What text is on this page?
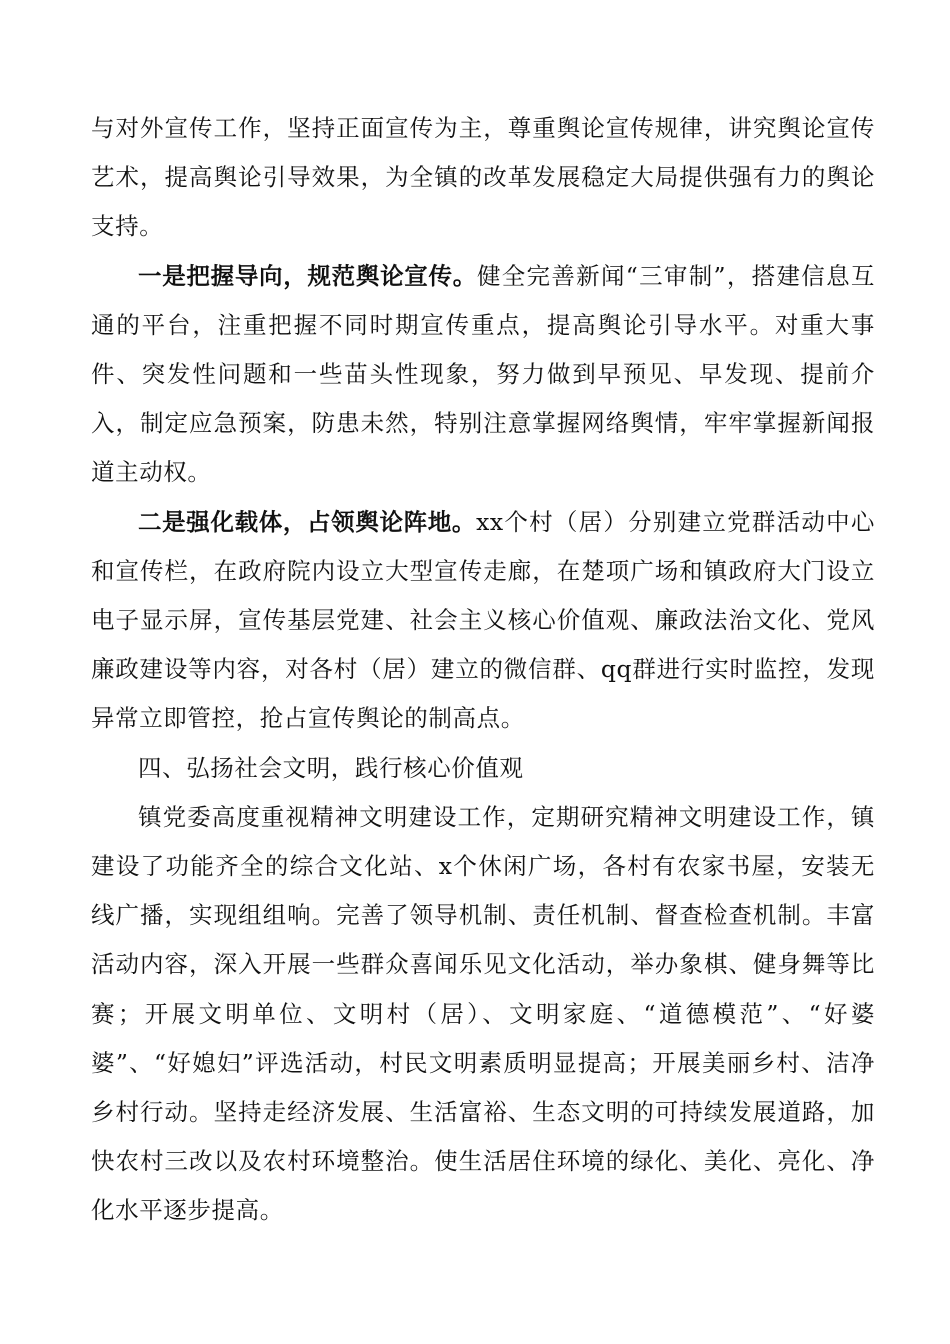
与对外宣传工作，坚持正面宣传为主，尊重舆论宣传规律，讲究舆论宣传艺术，提高舆论引导效果，为全镇的改革发展稳定大局提供强有力的舆论支持。

一是把握导向，规范舆论宣传。健全完善新闻“三审制”，搭建信息互通的平台，注重把握不同时期宣传重点，提高舆论引导水平。对重大事件、突发性问题和一些苗头性现象，努力做到早预见、早发现、提前介入，制定应急预案，防患未然，特别注意掌握网络舆情，牢牢掌握新闻报道主动权。

二是强化载体，占领舆论阵地。xx个村（居）分别建立党群活动中心和宣传栏，在政府院内设立大型宣传走廊，在楚项广场和镇政府大门设立电子显示屏，宣传基层党建、社会主义核心价值观、廉政法治文化、党风廉政建设等内容，对各村（居）建立的微信群、qq群进行实时监控，发现异常立即管控，抢占宣传舆论的制高点。

四、弘扬社会文明，践行核心价值观

镇党委高度重视精神文明建设工作，定期研究精神文明建设工作，镇建设了功能齐全的综合文化站、x个休闲广场，各村有农家书屋，安装无线广播，实现组组响。完善了领导机制、责任机制、督查检查机制。丰富活动内容，深入开展一些群众喜闻乐见文化活动，举办象棋、健身舞等比赛；开展文明单位、文明村（居）、文明家庭、“道德模范”、“好婆婆”、“好媳妇”评选活动，村民文明素质明显提高；开展美丽乡村、洁净乡村行动。坚持走经济发展、生活富裕、生态文明的可持续发展道路，加快农村三改以及农村环境整治。使生活居住环境的绿化、美化、亮化、净化水平逐步提高。
